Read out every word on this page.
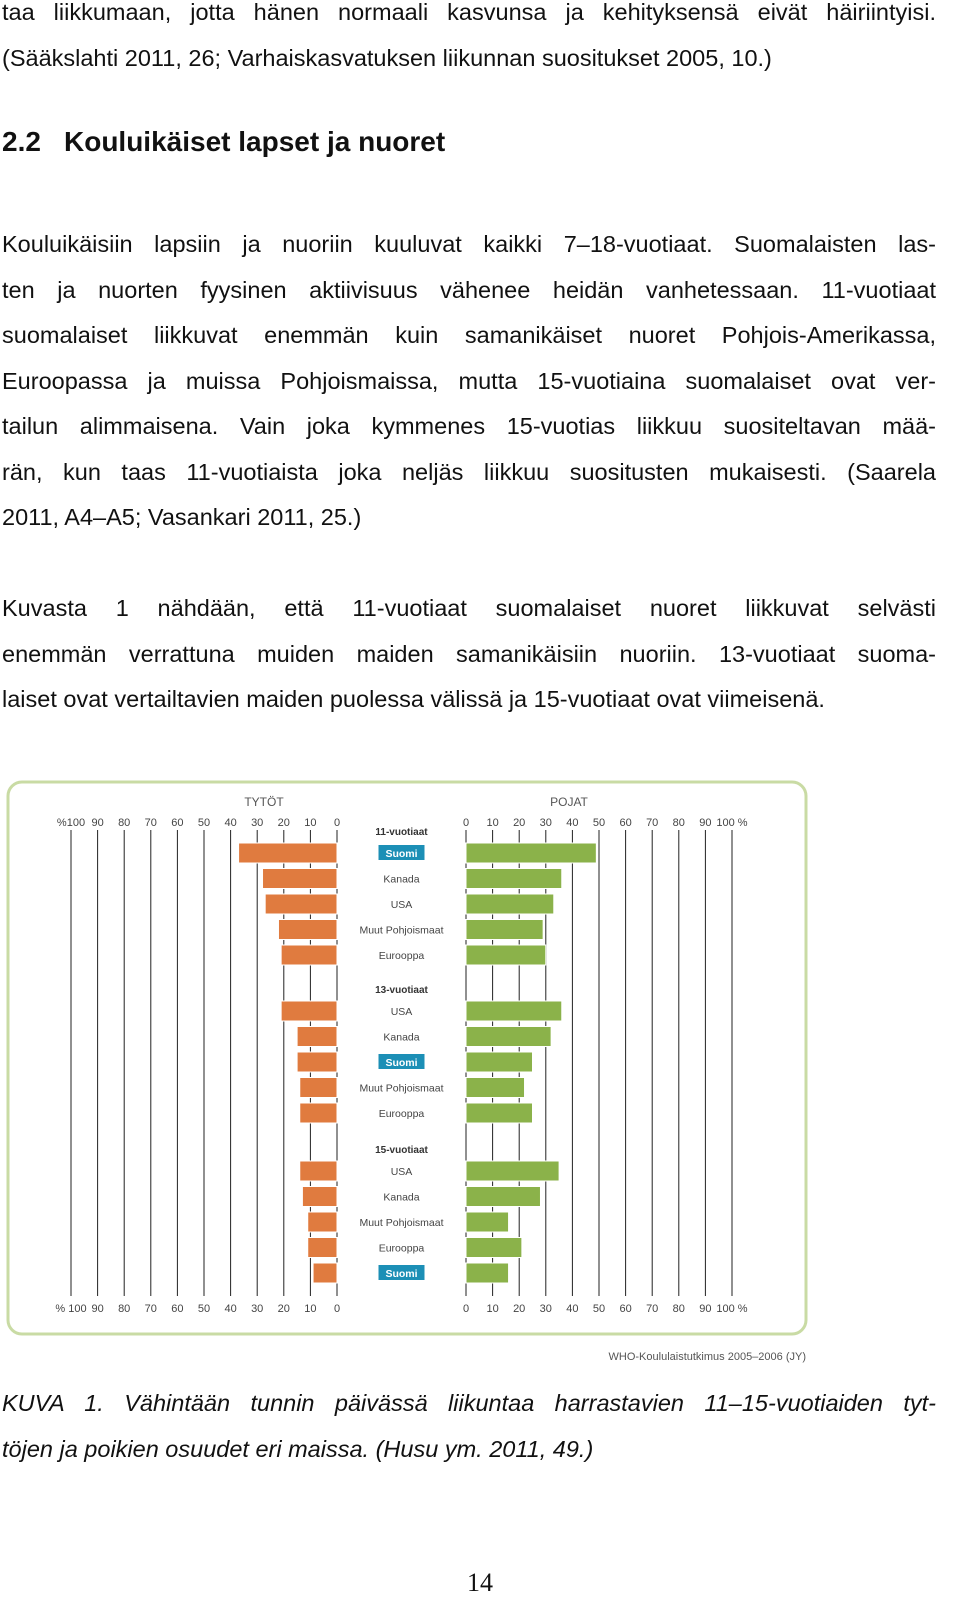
taa liikkumaan, jotta hänen normaali kasvunsa ja kehityksensä eivät häiriintyisi.
(Sääkslahti 2011, 26; Varhaiskasvatuksen liikunnan suositukset 2005, 10.)
2.2 Kouluikäiset lapset ja nuoret
Kouluikäisiin lapsiin ja nuoriin kuuluvat kaikki 7–18-vuotiaat. Suomalaisten las-
ten ja nuorten fyysinen aktiivisuus vähenee heidän vanhetessaan. 11-vuotiaat
suomalaiset liikkuvat enemmän kuin samanikäiset nuoret Pohjois-Amerikassa,
Euroopassa ja muissa Pohjoismaissa, mutta 15-vuotiaina suomalaiset ovat ver-
tailun alimmaisena. Vain joka kymmenes 15-vuotias liikkuu suositeltavan mää-
rän, kun taas 11-vuotiaista joka neljäs liikkuu suositusten mukaisesti. (Saarela
2011, A4–A5; Vasankari 2011, 25.)
Kuvasta 1 nähdään, että 11-vuotiaat suomalaiset nuoret liikkuvat selvästi
enemmän verrattuna muiden maiden samanikäisiin nuoriin. 13-vuotiaat suoma-
laiset ovat vertailtavien maiden puolessa välissä ja 15-vuotiaat ovat viimeisenä.
TYTÖT	POJAT
0	0
0	0
10	10
10	10
20	20
20	20
30	30
30	30
40	40
40	40
50	50
50	50
60	60
60	60
70	70
70	70
80	80
80	80
90	90
90	90
%100	100 %
% 100	100 %
11-vuotiaat
Suomi
Kanada
USA
Muut Pohjoismaat
Eurooppa
13-vuotiaat
USA
Kanada
Suomi
Muut Pohjoismaat
Eurooppa
15-vuotiaat
USA
Kanada
Muut Pohjoismaat
Eurooppa
Suomi
WHO-Koululaistutkimus 2005–2006 (JY)
KUVA 1. Vähintään tunnin päivässä liikuntaa harrastavien 11–15-vuotiaiden tyt-
töjen ja poikien osuudet eri maissa. (Husu ym. 2011, 49.)
14
